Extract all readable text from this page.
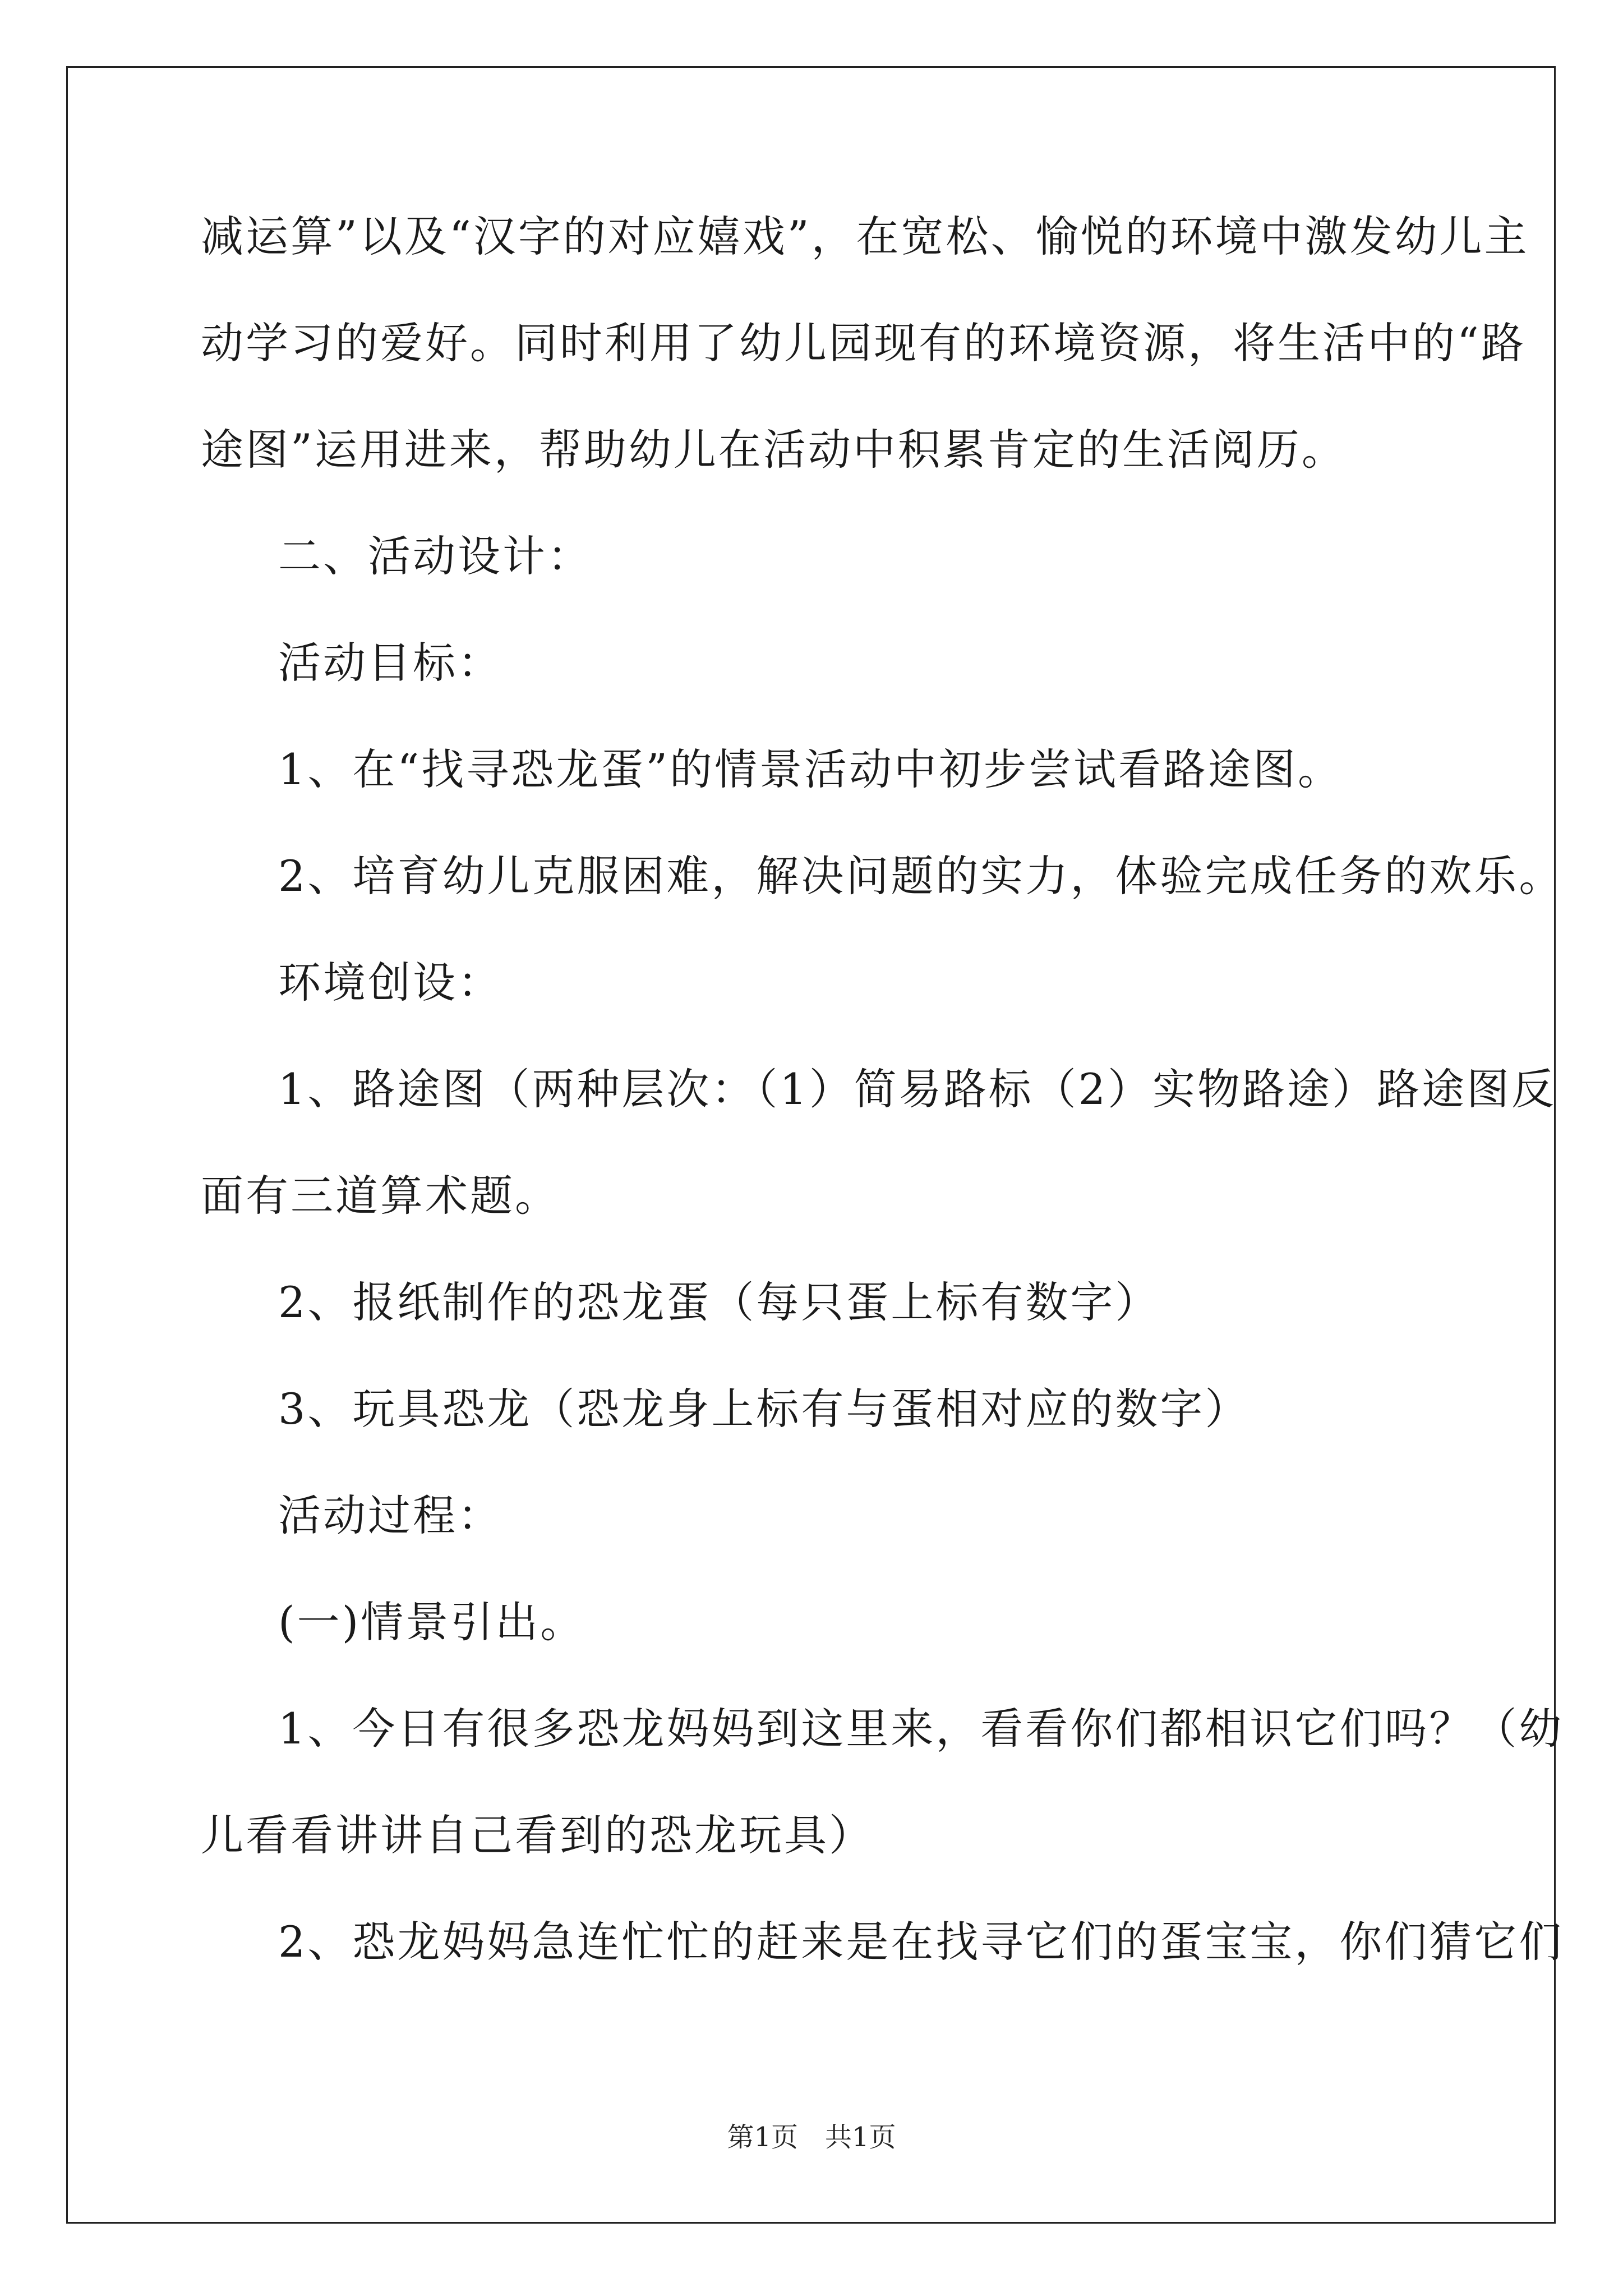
减运算”以及“汉字的对应嬉戏”，在宽松、愉悦的环境中激发幼儿主
动学习的爱好。同时利用了幼儿园现有的环境资源，将生活中的“路
途图”运用进来，帮助幼儿在活动中积累肯定的生活阅历。
二、活动设计：
活动目标：
1、在“找寻恐龙蛋”的情景活动中初步尝试看路途图。
2、培育幼儿克服困难，解决问题的实力，体验完成任务的欢乐。
环境创设：
1、路途图（两种层次：（1）简易路标（2）实物路途）路途图反
面有三道算术题。
2、报纸制作的恐龙蛋（每只蛋上标有数字）
3、玩具恐龙（恐龙身上标有与蛋相对应的数字）
活动过程：
(一)情景引出。
1、今日有很多恐龙妈妈到这里来，看看你们都相识它们吗？（幼
儿看看讲讲自己看到的恐龙玩具）
2、恐龙妈妈急连忙忙的赶来是在找寻它们的蛋宝宝，你们猜它们
第1页　共1页
